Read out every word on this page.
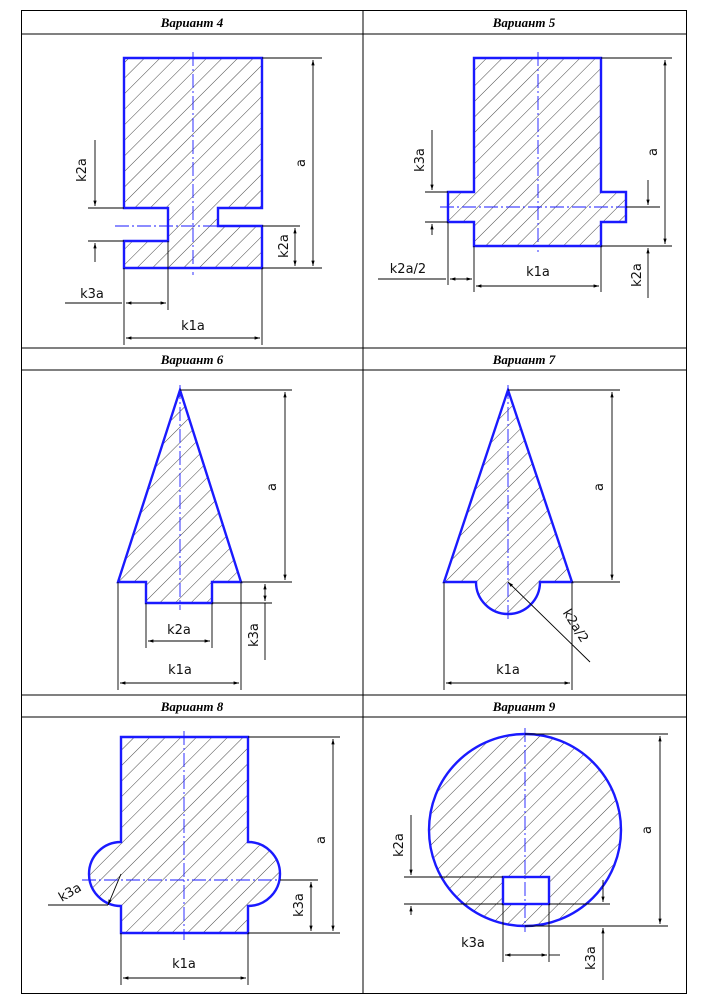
Вариант 4	Вариант 5
Вариант 6	Вариант 7
Вариант 8	Вариант 9
a
k2a
k2a
k3a
k1a
a
k3a
k2a
k2a/2	k1a
a
k3a
k2a
k1a
a
k2a/2
k1a
a
k3a
k3a
k1a
a
k2a
k3a
k3a
